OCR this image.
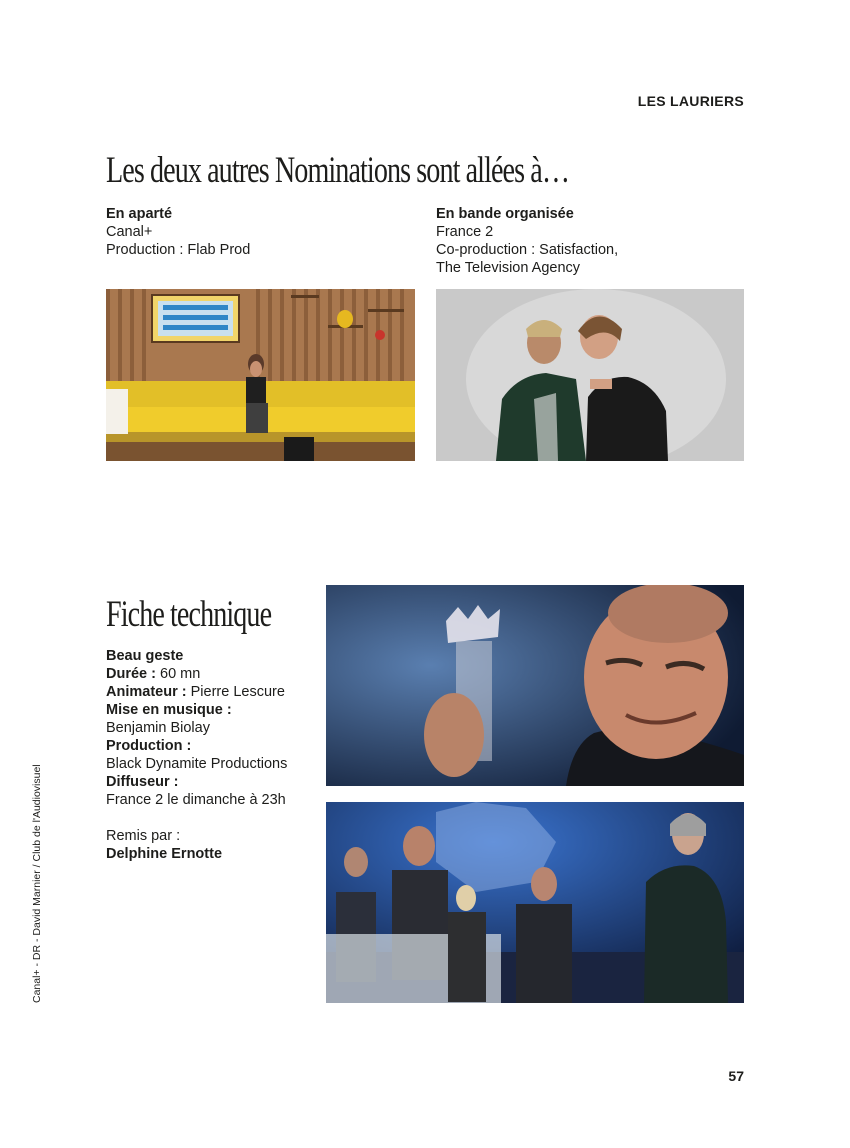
LES LAURIERS
Les deux autres Nominations sont allées à…
En aparté
Canal+
Production : Flab Prod
En bande organisée
France 2
Co-production : Satisfaction,
The Television Agency
Fiche technique
Beau geste
Durée : 60 mn
Animateur : Pierre Lescure
Mise en musique :
Benjamin Biolay
Production :
Black Dynamite Productions
Diffuseur :
France 2 le dimanche à 23h
Remis par :
Delphine Ernotte
Canal+ - DR - David Marnier / Club de l'Audiovisuel
57
